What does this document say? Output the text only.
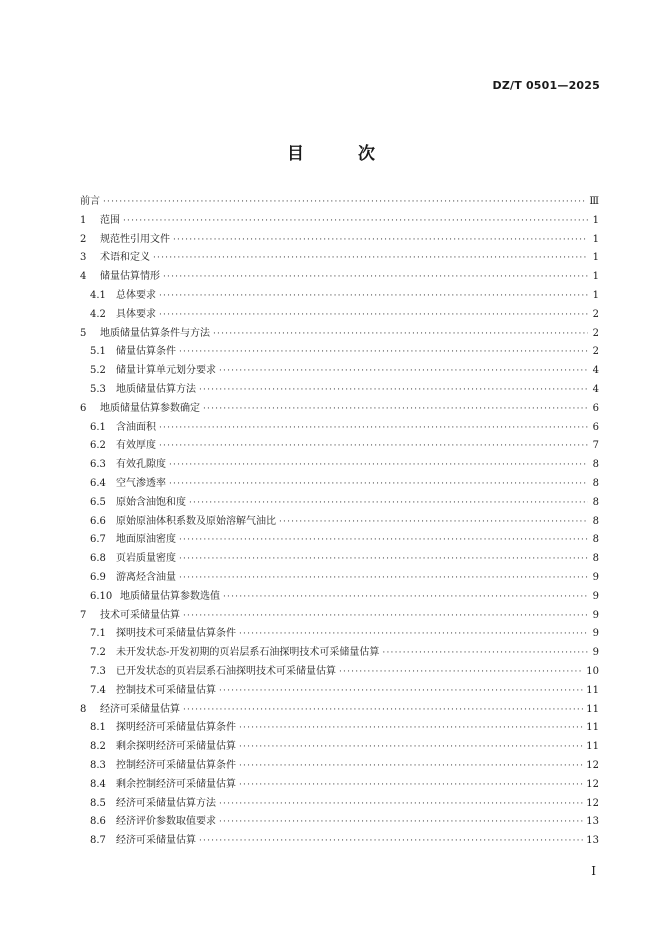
DZ/T 0501—2025
目 次
前言 ·····	Ⅲ
1	范围 ·····	1
2	规范性引用文件 ·····	1
3	术语和定义 ·····	1
4	储量估算情形 ·····	1
4.1	总体要求 ·····	1
4.2	具体要求 ·····	2
5	地质储量估算条件与方法 ·····	2
5.1	储量估算条件 ·····	2
5.2	储量计算单元划分要求 ·····	4
5.3	地质储量估算方法 ·····	4
6	地质储量估算参数确定 ·····	6
6.1	含油面积 ·····	6
6.2	有效厚度 ·····	7
6.3	有效孔隙度 ·····	8
6.4	空气渗透率 ·····	8
6.5	原始含油饱和度 ·····	8
6.6	原始原油体积系数及原始溶解气油比 ·····	8
6.7	地面原油密度 ·····	8
6.8	页岩质量密度 ·····	8
6.9	游离烃含油量 ·····	9
6.10 地质储量估算参数选值 ·····	9
7	技术可采储量估算 ·····	9
7.1	探明技术可采储量估算条件 ·····	9
7.2	未开发状态-开发初期的页岩层系石油探明技术可采储量估算 ·····	9
7.3	已开发状态的页岩层系石油探明技术可采储量估算 ·····	10
7.4	控制技术可采储量估算 ·····	11
8	经济可采储量估算 ·····	11
8.1	探明经济可采储量估算条件 ·····	11
8.2	剩余探明经济可采储量估算 ·····	11
8.3	控制经济可采储量估算条件 ·····	12
8.4	剩余控制经济可采储量估算 ·····	12
8.5	经济可采储量估算方法 ·····	12
8.6	经济评价参数取值要求 ·····	13
8.7	经济可采储量估算 ·····	13
I
